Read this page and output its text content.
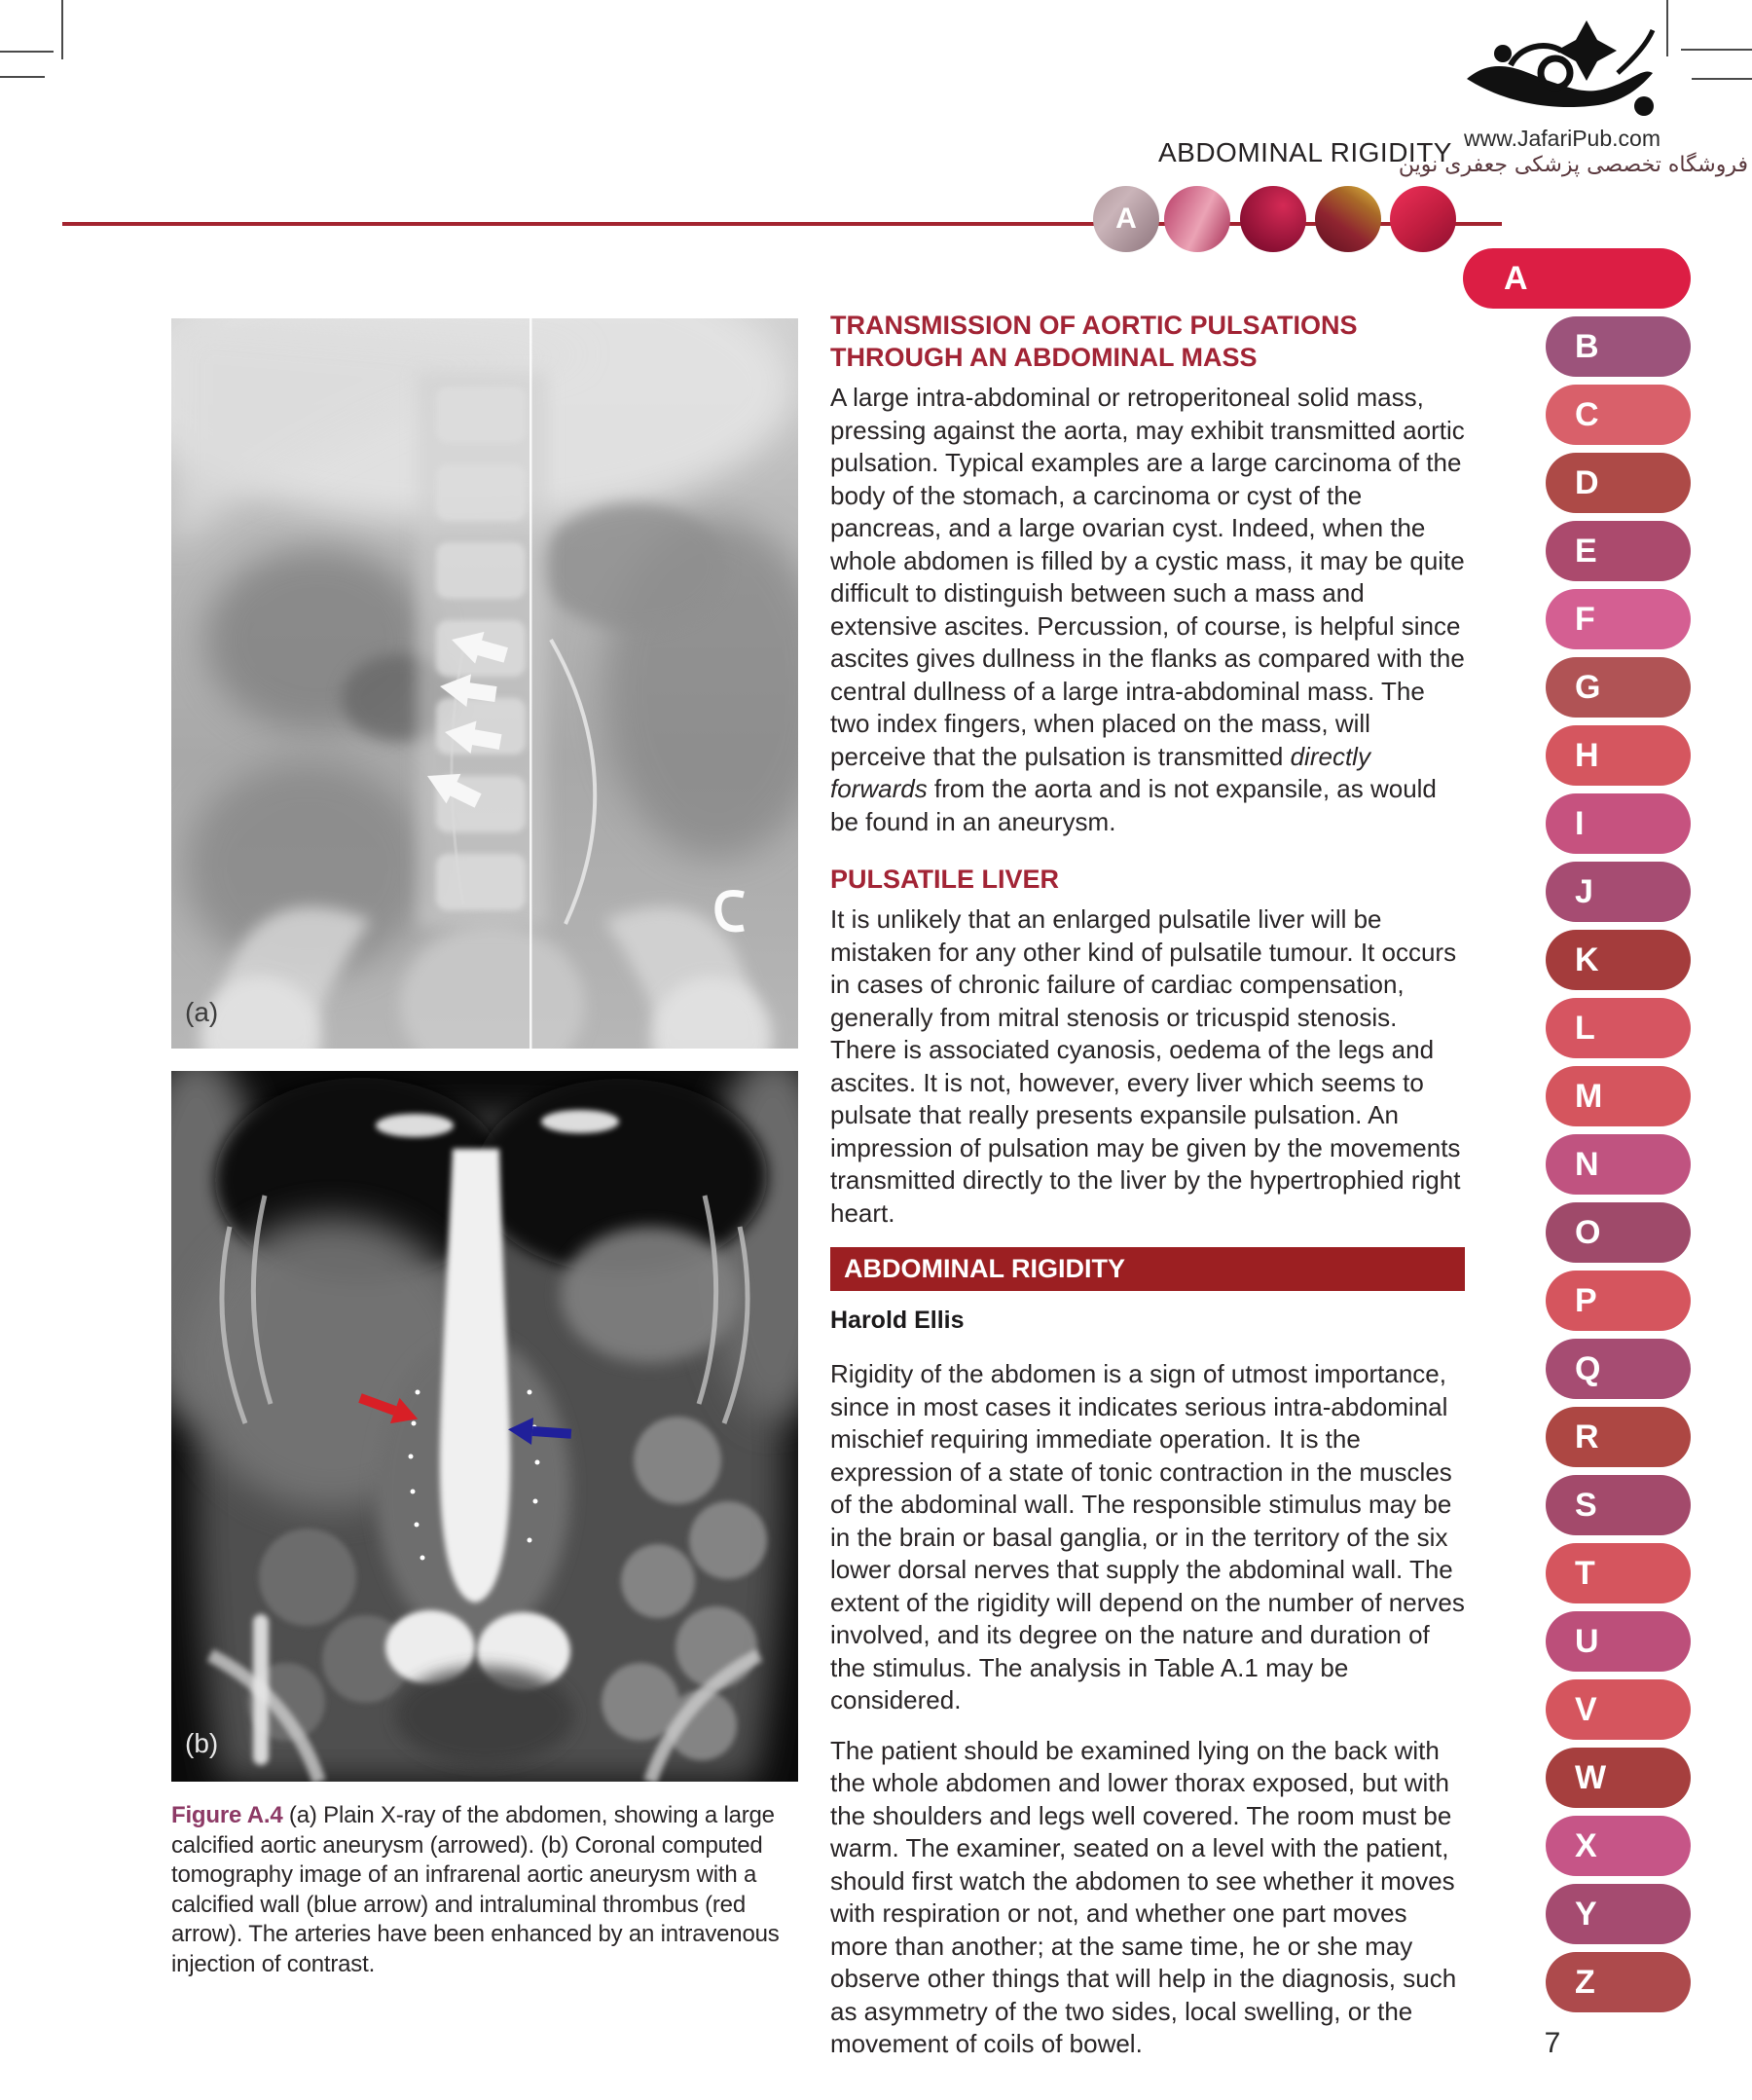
ABDOMINAL RIGIDITY www.JafariPub.com
فروشگاه تخصصی پزشکی جعفری نوین
A
A
B
C
D
E
F
G
H
I
J
K
L
M
N
O
P
Q
R
S
T
U
V
W
X
Y
Z
(a)
(b)
Figure A.4 (a) Plain X-ray of the abdomen, showing a large calcified aortic aneurysm (arrowed). (b) Coronal computed tomography image of an infrarenal aortic aneurysm with a calcified wall (blue arrow) and intraluminal thrombus (red arrow). The arteries have been enhanced by an intravenous injection of contrast.
TRANSMISSION OF AORTIC PULSATIONS THROUGH AN ABDOMINAL MASS

A large intra-abdominal or retroperitoneal solid mass, pressing against the aorta, may exhibit transmitted aortic pulsation. Typical examples are a large carcinoma of the body of the stomach, a carcinoma or cyst of the pancreas, and a large ovarian cyst. Indeed, when the whole abdomen is filled by a cystic mass, it may be quite difficult to distinguish between such a mass and extensive ascites. Percussion, of course, is helpful since ascites gives dullness in the flanks as compared with the central dullness of a large intra-abdominal mass. The two index fingers, when placed on the mass, will perceive that the pulsation is transmitted directly forwards from the aorta and is not expansile, as would be found in an aneurysm.

PULSATILE LIVER

It is unlikely that an enlarged pulsatile liver will be mistaken for any other kind of pulsatile tumour. It occurs in cases of chronic failure of cardiac compensation, generally from mitral stenosis or tricuspid stenosis. There is associated cyanosis, oedema of the legs and ascites. It is not, however, every liver which seems to pulsate that really presents expansile pulsation. An impression of pulsation may be given by the movements transmitted directly to the liver by the hypertrophied right heart.

ABDOMINAL RIGIDITY
Harold Ellis

Rigidity of the abdomen is a sign of utmost importance, since in most cases it indicates serious intra-abdominal mischief requiring immediate operation. It is the expression of a state of tonic contraction in the muscles of the abdominal wall. The responsible stimulus may be in the brain or basal ganglia, or in the territory of the six lower dorsal nerves that supply the abdominal wall. The extent of the rigidity will depend on the number of nerves involved, and its degree on the nature and duration of the stimulus. The analysis in Table A.1 may be considered.

The patient should be examined lying on the back with the whole abdomen and lower thorax exposed, but with the shoulders and legs well covered. The room must be warm. The examiner, seated on a level with the patient, should first watch the abdomen to see whether it moves with respiration or not, and whether one part moves more than another; at the same time, he or she may observe other things that will help in the diagnosis, such as asymmetry of the two sides, local swelling, or the movement of coils of bowel.	7
